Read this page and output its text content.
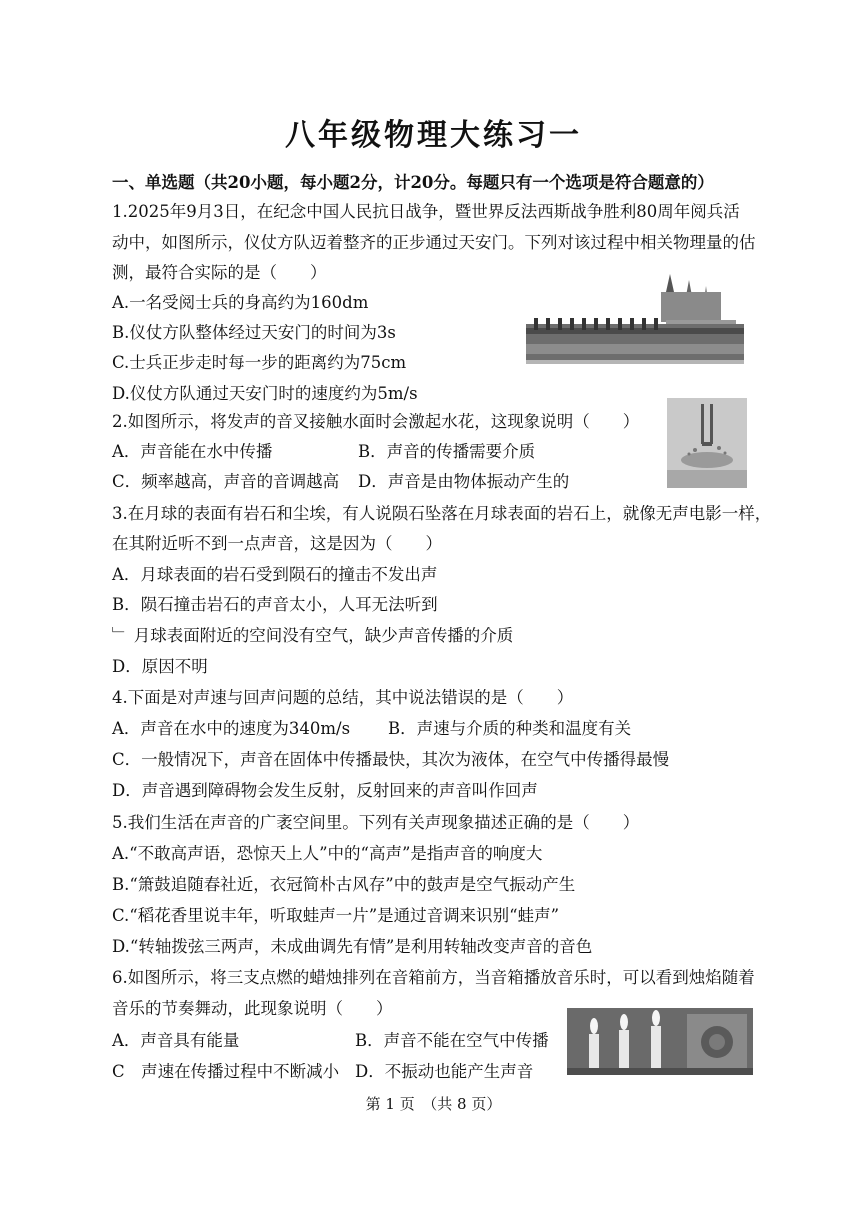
八年级物理大练习一
一、单选题（共20小题，每小题2分，计20分。每题只有一个选项是符合题意的）
1.2025年9月3日，在纪念中国人民抗日战争，暨世界反法西斯战争胜利80周年阅兵活
动中，如图所示，仪仗方队迈着整齐的正步通过天安门。下列对该过程中相关物理量的估
测，最符合实际的是（　　）
A.一名受阅士兵的身高约为160dm
B.仪仗方队整体经过天安门的时间为3s
C.士兵正步走时每一步的距离约为75cm
D.仪仗方队通过天安门时的速度约为5m/s
2.如图所示，将发声的音叉接触水面时会激起水花，这现象说明（　　）
A．声音能在水中传播	B．声音的传播需要介质
C．频率越高，声音的音调越高 D．声音是由物体振动产生的
3.在月球的表面有岩石和尘埃，有人说陨石坠落在月球表面的岩石上，就像无声电影一样，
在其附近听不到一点声音，这是因为（　　）
A．月球表面的岩石受到陨石的撞击不发出声
B．陨石撞击岩石的声音太小，人耳无法听到
﹂ 月球表面附近的空间没有空气，缺少声音传播的介质
D．原因不明
4.下面是对声速与回声问题的总结，其中说法错误的是（　　）
A．声音在水中的速度为340m/s B．声速与介质的种类和温度有关
C．一般情况下，声音在固体中传播最快，其次为液体，在空气中传播得最慢
D．声音遇到障碍物会发生反射，反射回来的声音叫作回声
5.我们生活在声音的广袤空间里。下列有关声现象描述正确的是（　　）
A.“不敢高声语，恐惊天上人”中的“高声”是指声音的响度大
B.“箫鼓追随春社近，衣冠简朴古风存”中的鼓声是空气振动产生
C.“稻花香里说丰年，听取蛙声一片”是通过音调来识别“蛙声”
D.“转轴拨弦三两声，未成曲调先有情”是利用转轴改变声音的音色
6.如图所示，将三支点燃的蜡烛排列在音箱前方，当音箱播放音乐时，可以看到烛焰随着
音乐的节奏舞动，此现象说明（　　）
A．声音具有能量	B．声音不能在空气中传播
C　声速在传播过程中不断减小 D．不振动也能产生声音
第 1 页　（共 8 页）
